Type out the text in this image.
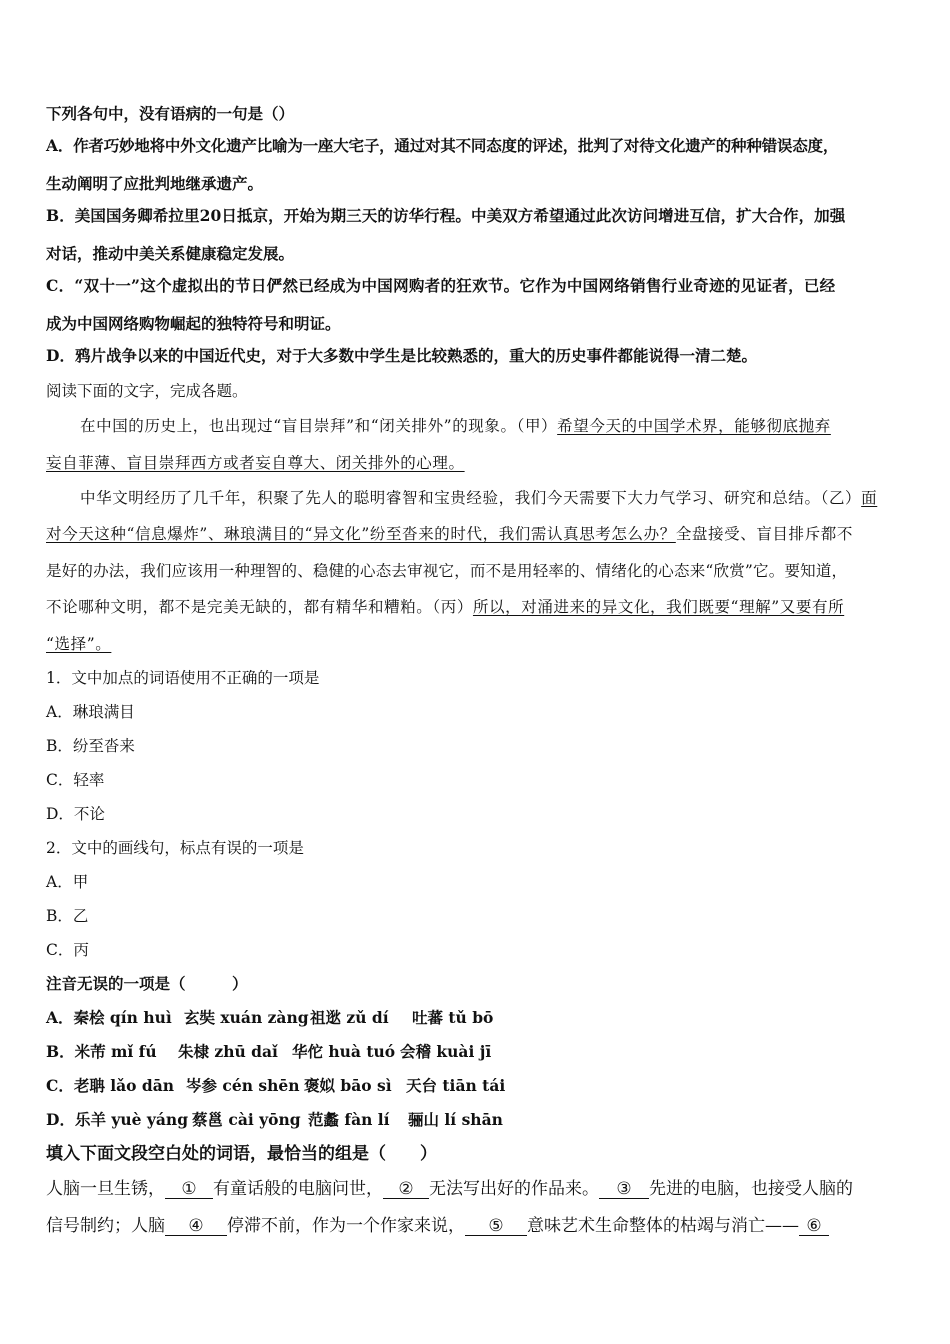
下列各句中，没有语病的一句是（）
A．作者巧妙地将中外文化遗产比喻为一座大宅子，通过对其不同态度的评述，批判了对待文化遗产的种种错误态度，
生动阐明了应批判地继承遗产。
B．美国国务卿希拉里20日抵京，开始为期三天的访华行程。中美双方希望通过此次访问增进互信，扩大合作，加强
对话，推动中美关系健康稳定发展。
C．“双十一”这个虚拟出的节日俨然已经成为中国网购者的狂欢节。它作为中国网络销售行业奇迹的见证者，已经
成为中国网络购物崛起的独特符号和明证。
D．鸦片战争以来的中国近代史，对于大多数中学生是比较熟悉的，重大的历史事件都能说得一清二楚。
阅读下面的文字，完成各题。
在中国的历史上，也出现过“盲目崇拜”和“闭关排外”的现象。（甲）希望今天的中国学术界，能够彻底抛弃
妄自菲薄、盲目崇拜西方或者妄自尊大、闭关排外的心理。
中华文明经历了几千年，积聚了先人的聪明睿智和宝贵经验，我们今天需要下大力气学习、研究和总结。（乙）面
对今天这种“信息爆炸”、琳琅满目的“异文化”纷至沓来的时代，我们需认真思考怎么办？全盘接受、盲目排斥都不
是好的办法，我们应该用一种理智的、稳健的心态去审视它，而不是用轻率的、情绪化的心态来“欣赏”它。要知道，
不论哪种文明，都不是完美无缺的，都有精华和糟粕。（丙）所以，对涌进来的异文化，我们既要“理解”又要有所
“选择”。
1．文中加点的词语使用不正确的一项是
A．琳琅满目
B．纷至沓来
C．轻率
D．不论
2．文中的画线句，标点有误的一项是
A．甲
B．乙
C．丙
注音无误的一项是（　　　）
A．秦桧 qín huì 玄奘 xuán zàng祖逖 zǔ dí 吐蕃 tǔ bō
B．米芾 mǐ fú 朱棣 zhū daǐ 华佗 huà tuó 会稽 kuài jī
C．老聃 lǎo dān 岑参 cén shēn 褒姒 bāo sì 天台 tiān tái
D．乐羊 yuè yáng 蔡邕 cài yōng 范蠡 fàn lí 骊山 lí shān
填入下面文段空白处的词语，最恰当的组是（　　）
人脑一旦生锈， ① 有童话般的电脑问世， ② 无法写出好的作品来。 ③ 先进的电脑，也接受人脑的
信号制约；人脑 ④ 停滞不前，作为一个作家来说， ⑤ 意味艺术生命整体的枯竭与消亡—— ⑥
